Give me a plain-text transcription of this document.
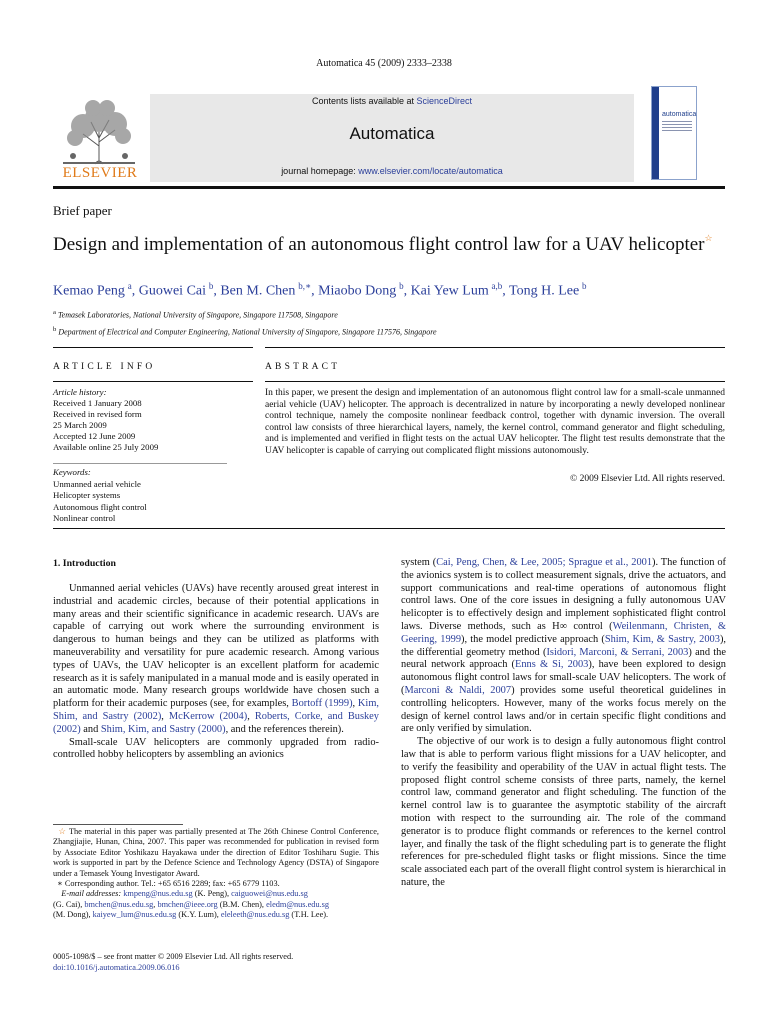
Automatica 45 (2009) 2333–2338
ELSEVIER
Contents lists available at ScienceDirect
Automatica
journal homepage: www.elsevier.com/locate/automatica
automatica
Brief paper
Design and implementation of an autonomous flight control law for a UAV helicopter☆
Kemao Peng  $^a$, Guowei Cai  $^b$, Ben M. Chen  $^{b,∗}$, Miaobo Dong  $^b$, Kai Yew Lum  $^{a,b}$, Tong H. Lee  $^b$
$^a$ Temasek Laboratories, National University of Singapore, Singapore 117508, Singapore
$^b$ Department of Electrical and Computer Engineering, National University of Singapore, Singapore 117576, Singapore
ARTICLE INFO	ABSTRACT
Article history:
Received 1 January 2008
Received in revised form
25 March 2009
Accepted 12 June 2009
Available online 25 July 2009
Keywords:
Unmanned aerial vehicle
Helicopter systems
Autonomous flight control
Nonlinear control
In this paper, we present the design and implementation of an autonomous flight control law for a small-scale unmanned aerial vehicle (UAV) helicopter. The approach is decentralized in nature by incorporating a newly developed nonlinear control technique, namely the composite nonlinear feedback control, together with dynamic inversion. The overall control law consists of three hierarchical layers, namely, the kernel control, command generator and flight scheduling, and is implemented and verified in flight tests on the actual UAV helicopter. The flight test results demonstrate that the UAV helicopter is capable of carrying out complicated flight missions autonomously.
© 2009 Elsevier Ltd. All rights reserved.
1. Introduction

Unmanned aerial vehicles (UAVs) have recently aroused great interest in industrial and academic circles, because of their potential applications in many areas and their scientific significance in academic research. UAVs are capable of carrying out work where the surrounding environment is dangerous to human beings and they can be utilized as platforms with maneuverability and versatility for pure academic research. Among various types of UAVs, the UAV helicopter is an excellent platform for academic research as it is safely manipulated in a manual mode and is easily operated in an automatic mode. Many research groups worldwide have chosen such a platform for their academic purposes (see, for examples, Bortoff (1999), Kim, Shim, and Sastry (2002), McKerrow (2004), Roberts, Corke, and Buskey (2002) and Shim, Kim, and Sastry (2000), and the references therein).

Small-scale UAV helicopters are commonly upgraded from radio-controlled hobby helicopters by assembling an avionics

system (Cai, Peng, Chen, & Lee, 2005; Sprague et al., 2001). The function of the avionics system is to collect measurement signals, drive the actuators, and support communications and real-time operations of autonomous flight control laws. One of the core issues in designing a fully autonomous UAV helicopter is to effectively design and implement sophisticated flight control laws. Diverse methods, such as H∞ control (Weilenmann, Christen, & Geering, 1999), the model predictive approach (Shim, Kim, & Sastry, 2003), the differential geometry method (Isidori, Marconi, & Serrani, 2003) and the neural network approach (Enns & Si, 2003), have been explored to design autonomous flight control laws for small-scale UAV helicopters. The work of (Marconi & Naldi, 2007) provides some useful theoretical guidelines in controlling helicopters. However, many of the works focus merely on the design of kernel control laws and/or in certain specific flight conditions and are only verified by simulation.

The objective of our work is to design a fully autonomous flight control law that is able to perform various flight missions for a UAV helicopter, and to verify the feasibility and operability of the UAV in actual flight tests. The proposed flight control scheme consists of three parts, namely, the kernel control law, command generator and flight scheduling. The function of the kernel control law is to guarantee the asymptotic stability of the aircraft motion with respect to the surrounding air. The role of the command generator is to produce flight commands or references to the kernel control layer, and finally the task of the flight scheduling part is to generate the flight references for pre-scheduled flight tasks or flight missions. Since the time scale associated each part of the overall flight control system is hierarchical in nature, the

☆ The material in this paper was partially presented at The 26th Chinese Control Conference, Zhangjiajie, Hunan, China, 2007. This paper was recommended for publication in revised form by Associate Editor Yoshikazu Hayakawa under the direction of Editor Toshiharu Sugie. This work is supported in part by the Defence Science and Technology Agency (DSTA) of Singapore under a Temasek Young Investigator Award.

∗ Corresponding author. Tel.: +65 6516 2289; fax: +65 6779 1103.

E-mail addresses: kmpeng@nus.edu.sg (K. Peng), caiguowei@nus.edu.sg
(G. Cai), bmchen@nus.edu.sg, bmchen@ieee.org (B.M. Chen), eledm@nus.edu.sg
(M. Dong), kaiyew_lum@nus.edu.sg (K.Y. Lum), eleleeth@nus.edu.sg (T.H. Lee).

0005-1098/$ – see front matter © 2009 Elsevier Ltd. All rights reserved.
doi:10.1016/j.automatica.2009.06.016
